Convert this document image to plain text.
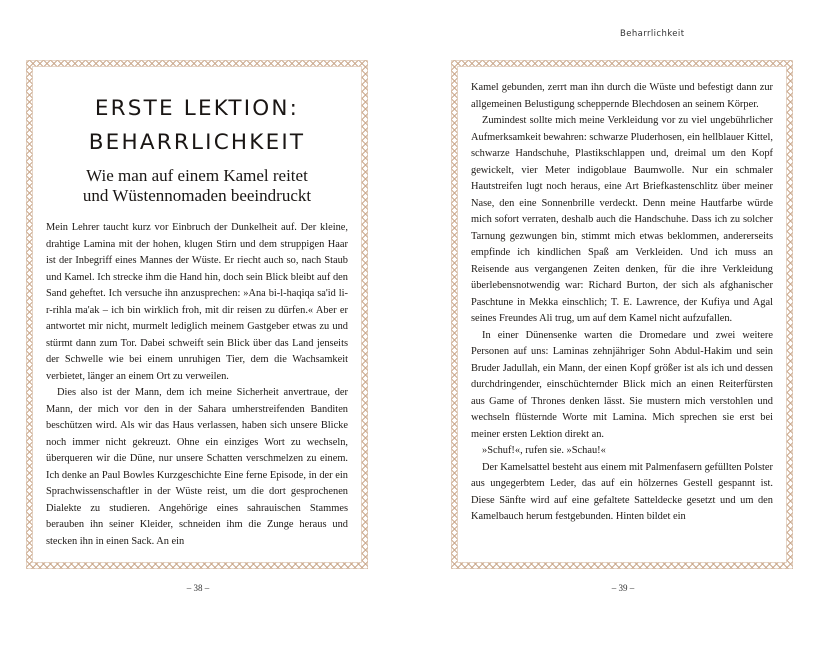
Beharrlichkeit
ERSTE LEKTION:
BEHARRLICHKEIT
Wie man auf einem Kamel reitet
und Wüstennomaden beeindruckt

Mein Lehrer taucht kurz vor Einbruch der Dunkelheit auf. Der kleine, drahtige Lamina mit der hohen, klugen Stirn und dem struppigen Haar ist der Inbegriff eines Mannes der Wüste. Er riecht auch so, nach Staub und Kamel. Ich strecke ihm die Hand hin, doch sein Blick bleibt auf den Sand geheftet. Ich versuche ihn anzusprechen: »Ana bi-l-haqiqa sa'id li-r-rihla ma'ak – ich bin wirklich froh, mit dir reisen zu dürfen.« Aber er antwortet mir nicht, murmelt lediglich meinem Gastgeber etwas zu und stürmt dann zum Tor. Dabei schweift sein Blick über das Land jenseits der Schwelle wie bei einem unruhigen Tier, dem die Wachsamkeit verbietet, länger an einem Ort zu verweilen.

Dies also ist der Mann, dem ich meine Sicherheit anvertraue, der Mann, der mich vor den in der Sahara umherstreifenden Banditen beschützen wird. Als wir das Haus verlassen, haben sich unsere Blicke noch immer nicht gekreuzt. Ohne ein einziges Wort zu wechseln, überqueren wir die Düne, nur unsere Schatten verschmelzen zu einem. Ich denke an Paul Bowles Kurzgeschichte Eine ferne Episode, in der ein Sprachwissenschaftler in der Wüste reist, um die dort gesprochenen Dialekte zu studieren. Angehörige eines sahrauischen Stammes berauben ihn seiner Kleider, schneiden ihm die Zunge heraus und stecken ihn in einen Sack. An ein

– 38 –

Kamel gebunden, zerrt man ihn durch die Wüste und befestigt dann zur allgemeinen Belustigung scheppernde Blechdosen an seinem Körper.

Zumindest sollte mich meine Verkleidung vor zu viel ungebührlicher Aufmerksamkeit bewahren: schwarze Pluderhosen, ein hellblauer Kittel, schwarze Handschuhe, Plastikschlappen und, dreimal um den Kopf gewickelt, vier Meter indigoblaue Baumwolle. Nur ein schmaler Hautstreifen lugt noch heraus, eine Art Briefkastenschlitz über meiner Nase, den eine Sonnenbrille verdeckt. Denn meine Hautfarbe würde mich sofort verraten, deshalb auch die Handschuhe. Dass ich zu solcher Tarnung gezwungen bin, stimmt mich etwas beklommen, andererseits empfinde ich kindlichen Spaß am Verkleiden. Und ich muss an Reisende aus vergangenen Zeiten denken, für die ihre Verkleidung überlebensnotwendig war: Richard Burton, der sich als afghanischer Paschtune in Mekka einschlich; T. E. Lawrence, der Kufiya und Agal seines Freundes Ali trug, um auf dem Kamel nicht aufzufallen.

In einer Dünensenke warten die Dromedare und zwei weitere Personen auf uns: Laminas zehnjähriger Sohn Abdul-Hakim und sein Bruder Jadullah, ein Mann, der einen Kopf größer ist als ich und dessen durchdringender, einschüchternder Blick mich an einen Reiterfürsten aus Game of Thrones denken lässt. Sie mustern mich verstohlen und wechseln flüsternde Worte mit Lamina. Mich sprechen sie erst bei meiner ersten Lektion direkt an.

»Schuf!«, rufen sie. »Schau!«

Der Kamelsattel besteht aus einem mit Palmenfasern gefüllten Polster aus ungegerbtem Leder, das auf ein hölzernes Gestell gespannt ist. Diese Sänfte wird auf eine gefaltete Satteldecke gesetzt und um den Kamelbauch herum festgebunden. Hinten bildet ein

– 39 –
